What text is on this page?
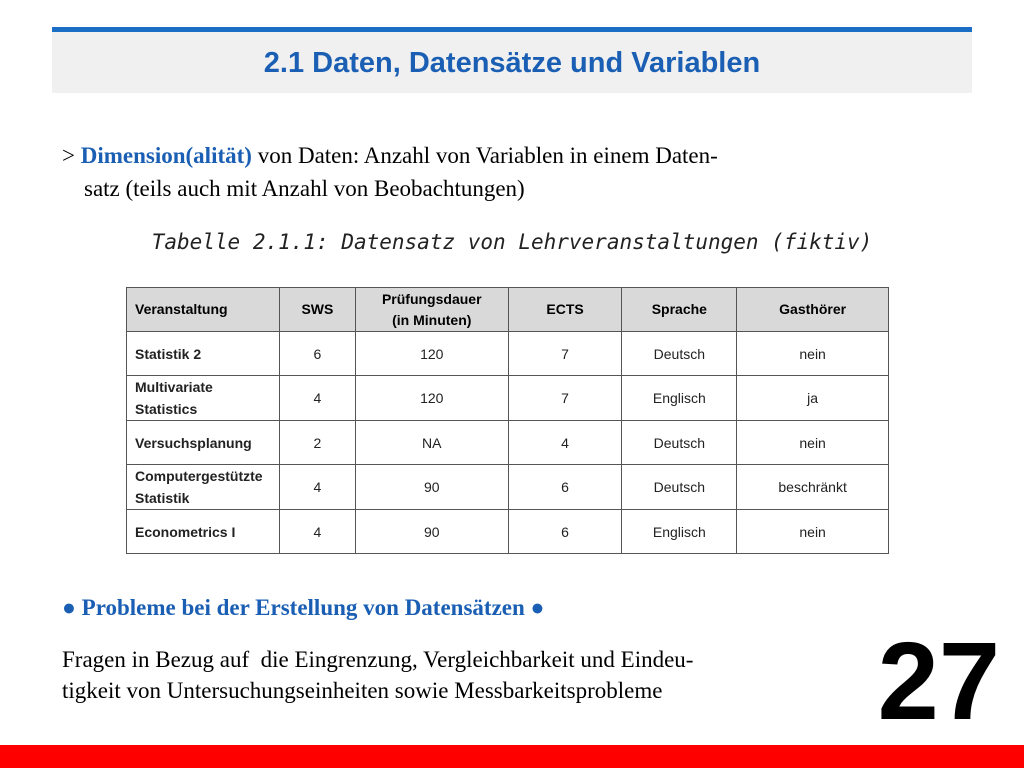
2.1 Daten, Datensätze und Variablen
> Dimension(alität) von Daten: Anzahl von Variablen in einem Daten-
satz (teils auch mit Anzahl von Beobachtungen)
Tabelle 2.1.1: Datensatz von Lehrveranstaltungen (fiktiv)
Veranstaltung	SWS	Prüfungsdauer
(in Minuten)	ECTS	Sprache	Gasthörer
Statistik 2	6	120	7	Deutsch	nein
Multivariate
Statistics	4	120	7	Englisch	ja
Versuchsplanung	2	NA	4	Deutsch	nein
Computergestützte
Statistik	4	90	6	Deutsch	beschränkt
Econometrics I	4	90	6	Englisch	nein
● Probleme bei der Erstellung von Datensätzen ●
Fragen in Bezug auf  die Eingrenzung, Vergleichbarkeit und Eindeu-
tigkeit von Untersuchungseinheiten sowie Messbarkeitsprobleme	27
